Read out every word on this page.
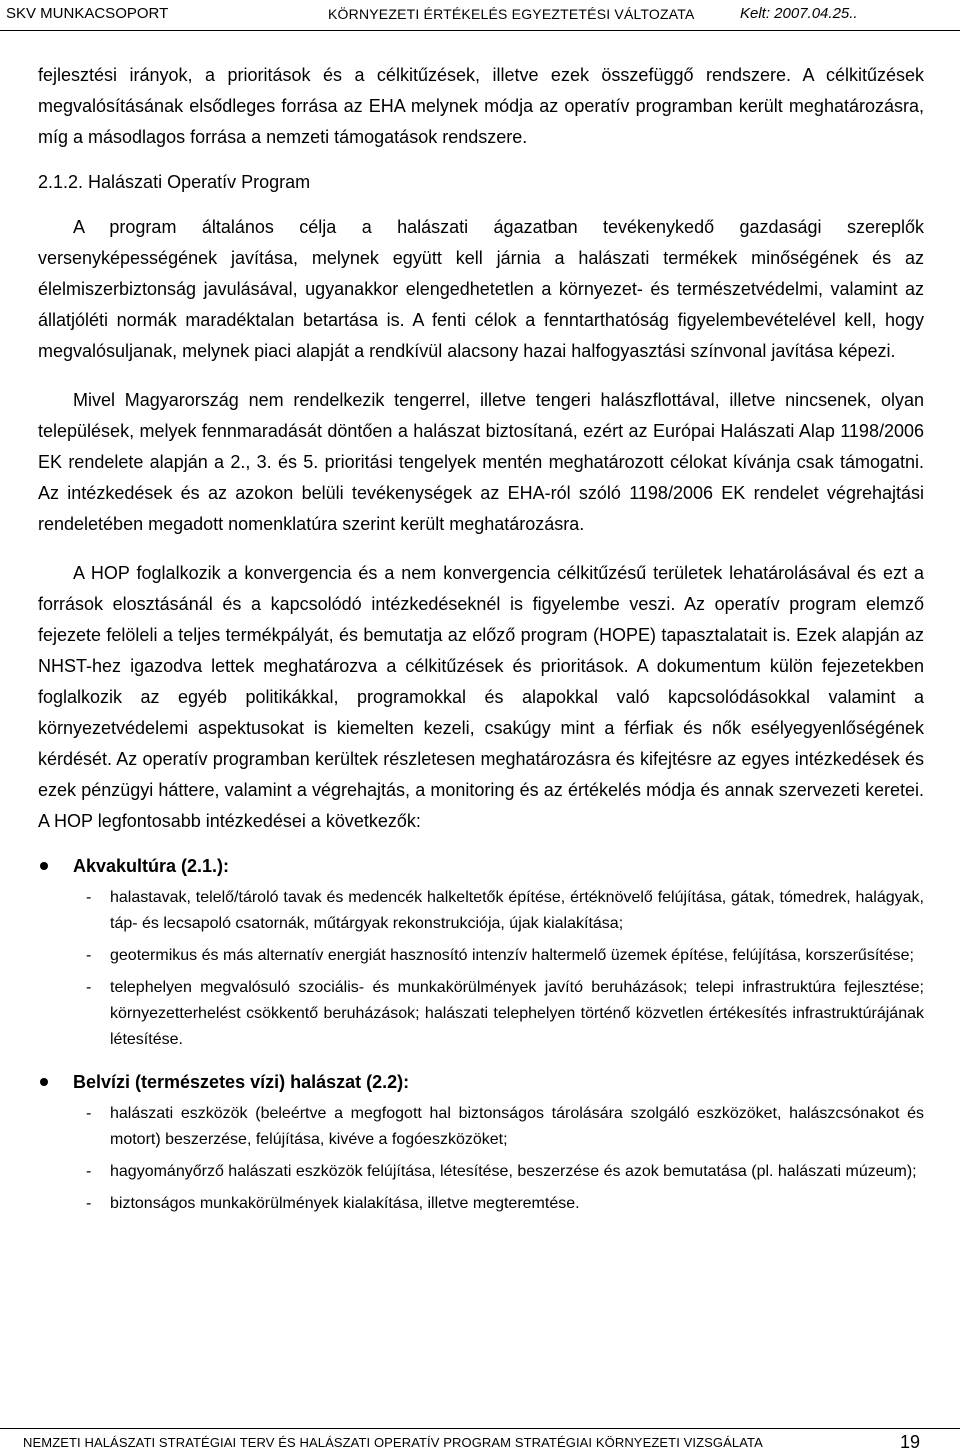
SKV MUNKACSOPORT	KÖRNYEZETI ÉRTÉKELÉS EGYEZTETÉSI VÁLTOZATA	Kelt: 2007.04.25..

fejlesztési irányok, a prioritások és a célkitűzések, illetve ezek összefüggő rendszere. A célkitűzések megvalósításának elsődleges forrása az EHA melynek módja az operatív programban került meghatározásra, míg a másodlagos forrása a nemzeti támogatások rendszere.

2.1.2. Halászati Operatív Program

A program általános célja a halászati ágazatban tevékenykedő gazdasági szereplők versenyképességének javítása, melynek együtt kell járnia a halászati termékek minőségének és az élelmiszerbiztonság javulásával, ugyanakkor elengedhetetlen a környezet- és természetvédelmi, valamint az állatjóléti normák maradéktalan betartása is. A fenti célok a fenntarthatóság figyelembevételével kell, hogy megvalósuljanak, melynek piaci alapját a rendkívül alacsony hazai halfogyasztási színvonal javítása képezi.

Mivel Magyarország nem rendelkezik tengerrel, illetve tengeri halászflottával, illetve nincsenek, olyan települések, melyek fennmaradását döntően a halászat biztosítaná, ezért az Európai Halászati Alap 1198/2006 EK rendelete alapján a 2., 3. és 5. prioritási tengelyek mentén meghatározott célokat kívánja csak támogatni. Az intézkedések és az azokon belüli tevékenységek az EHA-ról szóló 1198/2006 EK rendelet végrehajtási rendeletében megadott nomenklatúra szerint került meghatározásra.

A HOP foglalkozik a konvergencia és a nem konvergencia célkitűzésű területek lehatárolásával és ezt a források elosztásánál és a kapcsolódó intézkedéseknél is figyelembe veszi. Az operatív program elemző fejezete felöleli a teljes termékpályát, és bemutatja az előző program (HOPE) tapasztalatait is. Ezek alapján az NHST-hez igazodva lettek meghatározva a célkitűzések és prioritások. A dokumentum külön fejezetekben foglalkozik az egyéb politikákkal, programokkal és alapokkal való kapcsolódásokkal valamint a környezetvédelemi aspektusokat is kiemelten kezeli, csakúgy mint a férfiak és nők esélyegyenlőségének kérdését. Az operatív programban kerültek részletesen meghatározásra és kifejtésre az egyes intézkedések és ezek pénzügyi háttere, valamint a végrehajtás, a monitoring és az értékelés módja és annak szervezeti keretei. A HOP legfontosabb intézkedései a következők:

Akvakultúra (2.1.):
- halastavak, telelő/tároló tavak és medencék halkeltetők építése, értéknövelő felújítása, gátak, tómedrek, halágyak, táp- és lecsapoló csatornák, műtárgyak rekonstrukciója, újak kialakítása;
- geotermikus és más alternatív energiát hasznosító intenzív haltermelő üzemek építése, felújítása, korszerűsítése;
- telephelyen megvalósuló szociális- és munkakörülmények javító beruházások; telepi infrastruktúra fejlesztése; környezetterhelést csökkentő beruházások; halászati telephelyen történő közvetlen értékesítés infrastruktúrájának létesítése.
Belvízi (természetes vízi) halászat (2.2):
- halászati eszközök (beleértve a megfogott hal biztonságos tárolására szolgáló eszközöket, halászcsónakot és motort) beszerzése, felújítása, kivéve a fogóeszközöket;
- hagyományőrző halászati eszközök felújítása, létesítése, beszerzése és azok bemutatása (pl. halászati múzeum);
- biztonságos munkakörülmények kialakítása, illetve megteremtése.
NEMZETI HALÁSZATI STRATÉGIAI TERV ÉS HALÁSZATI OPERATÍV PROGRAM STRATÉGIAI KÖRNYEZETI VIZSGÁLATA	19
